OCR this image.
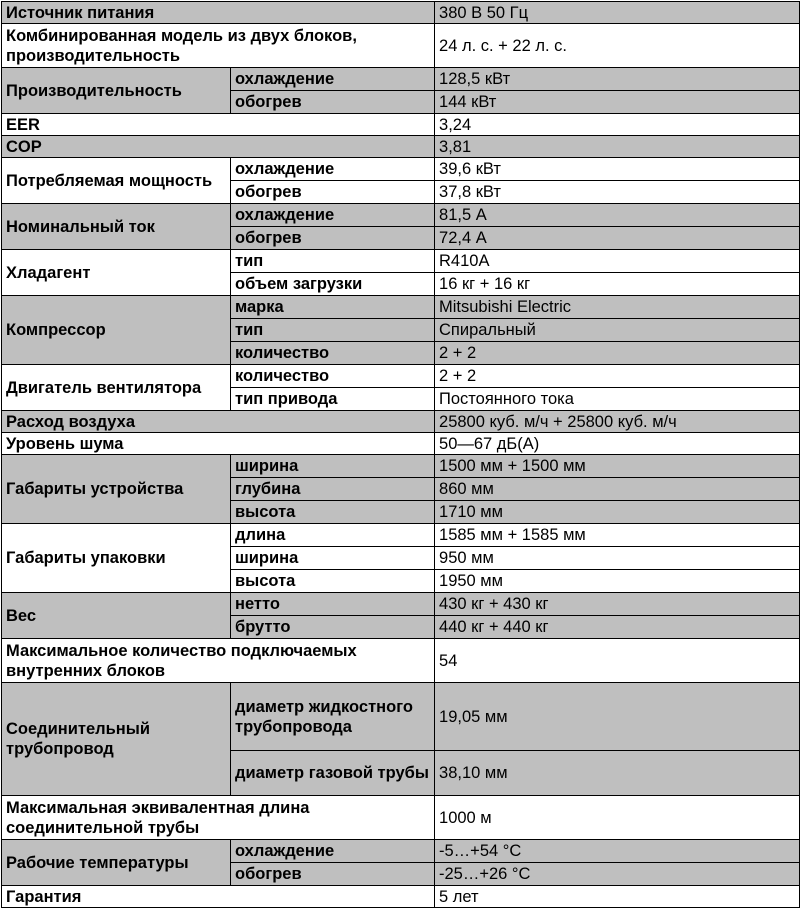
Источник питания		380 В 50 Гц
Комбинированная модель из двух блоков, производительность		24 л. с. + 22 л. с.
Производительность	охлаждение	128,5 кВт
	обогрев	144 кВт
EER		3,24
COP		3,81
Потребляемая мощность	охлаждение	39,6 кВт
	обогрев	37,8 кВт
Номинальный ток	охлаждение	81,5 А
	обогрев	72,4 А
Хладагент	тип	R410A
	объем загрузки	16 кг + 16 кг
Компрессор	марка	Mitsubishi Electric
	тип	Спиральный
	количество	2 + 2
Двигатель вентилятора	количество	2 + 2
	тип привода	Постоянного тока
Расход воздуха		25800 куб. м/ч + 25800 куб. м/ч
Уровень шума		50—67 дБ(А)
Габариты устройства	ширина	1500 мм + 1500 мм
	глубина	860 мм
	высота	1710 мм
Габариты упаковки	длина	1585 мм + 1585 мм
	ширина	950 мм
	высота	1950 мм
Вес	нетто	430 кг + 430 кг
	брутто	440 кг + 440 кг
Максимальное количество подключаемых внутренних блоков		54
Соединительный трубопровод	диаметр жидкостного трубопровода	19,05 мм
	диаметр газовой трубы	38,10 мм
Максимальная эквивалентная длина соединительной трубы		1000 м
Рабочие температуры	охлаждение	-5…+54 °С
	обогрев	-25…+26 °С
Гарантия		5 лет
